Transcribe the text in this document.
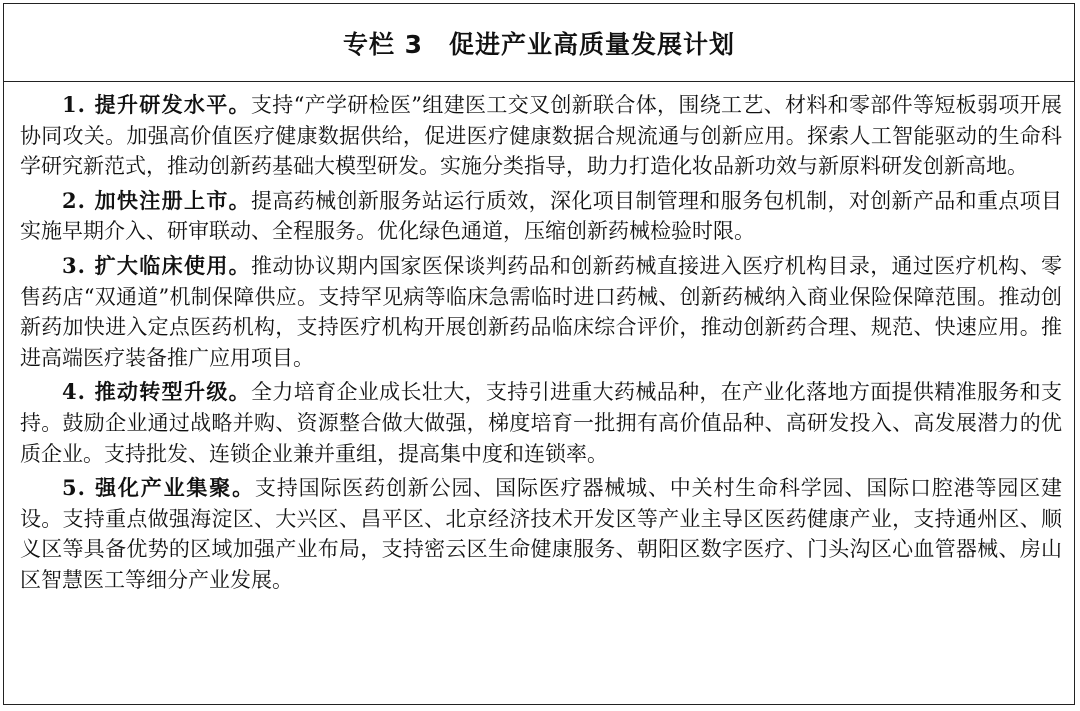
专栏 3 促进产业高质量发展计划

1. 提升研发水平。支持“产学研检医”组建医工交叉创新联合体，围绕工艺、材料和零部件等短板弱项开展协同攻关。加强高价值医疗健康数据供给，促进医疗健康数据合规流通与创新应用。探索人工智能驱动的生命科学研究新范式，推动创新药基础大模型研发。实施分类指导，助力打造化妆品新功效与新原料研发创新高地。

2. 加快注册上市。提高药械创新服务站运行质效，深化项目制管理和服务包机制，对创新产品和重点项目实施早期介入、研审联动、全程服务。优化绿色通道，压缩创新药械检验时限。

3. 扩大临床使用。推动协议期内国家医保谈判药品和创新药械直接进入医疗机构目录，通过医疗机构、零售药店“双通道”机制保障供应。支持罕见病等临床急需临时进口药械、创新药械纳入商业保险保障范围。推动创新药加快进入定点医药机构，支持医疗机构开展创新药品临床综合评价，推动创新药合理、规范、快速应用。推进高端医疗装备推广应用项目。

4. 推动转型升级。全力培育企业成长壮大，支持引进重大药械品种，在产业化落地方面提供精准服务和支持。鼓励企业通过战略并购、资源整合做大做强，梯度培育一批拥有高价值品种、高研发投入、高发展潜力的优质企业。支持批发、连锁企业兼并重组，提高集中度和连锁率。

5. 强化产业集聚。支持国际医药创新公园、国际医疗器械城、中关村生命科学园、国际口腔港等园区建设。支持重点做强海淀区、大兴区、昌平区、北京经济技术开发区等产业主导区医药健康产业，支持通州区、顺义区等具备优势的区域加强产业布局，支持密云区生命健康服务、朝阳区数字医疗、门头沟区心血管器械、房山区智慧医工等细分产业发展。
